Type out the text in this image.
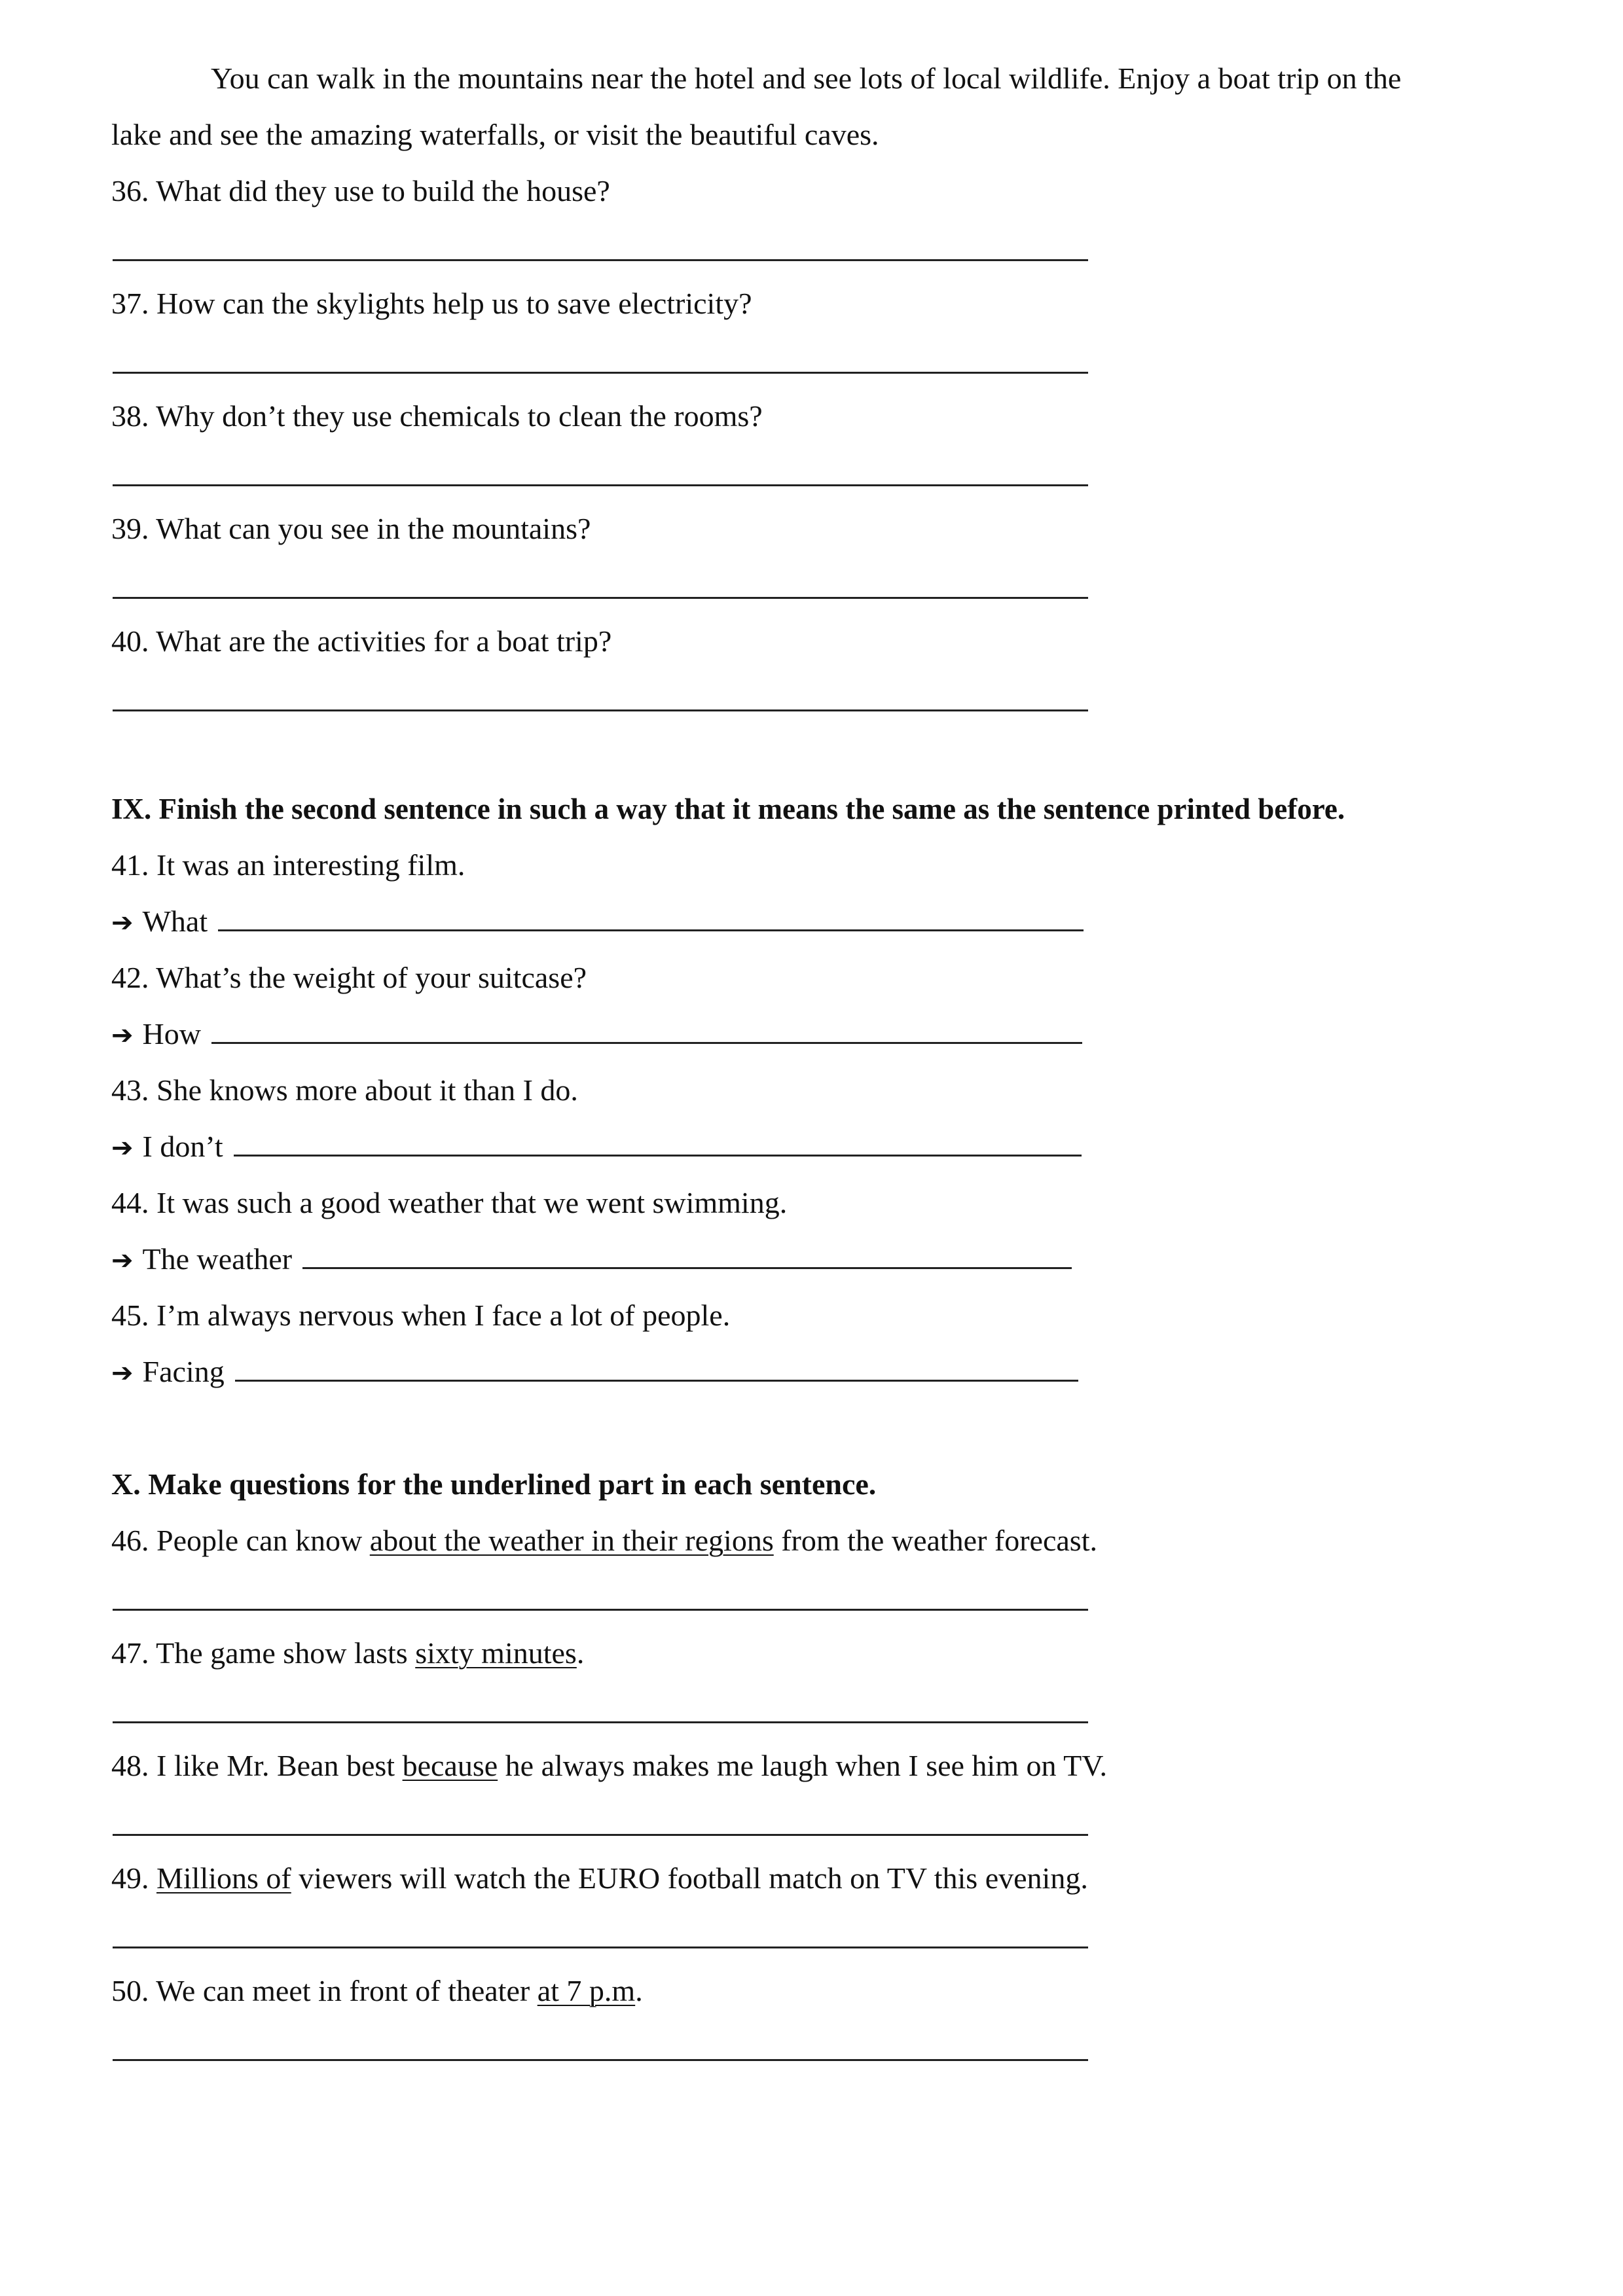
You can walk in the mountains near the hotel and see lots of local wildlife. Enjoy a boat trip on the
lake and see the amazing waterfalls, or visit the beautiful caves.
36. What did they use to build the house?
37. How can the skylights help us to save electricity?
38. Why don’t they use chemicals to clean the rooms?
39. What can you see in the mountains?
40. What are the activities for a boat trip?
IX. Finish the second sentence in such a way that it means the same as the sentence printed before.
41. It was an interesting film.
➔ What
42. What’s the weight of your suitcase?
➔ How
43. She knows more about it than I do.
➔ I don’t
44. It was such a good weather that we went swimming.
➔ The weather
45. I’m always nervous when I face a lot of people.
➔ Facing
X. Make questions for the underlined part in each sentence.
46. People can know about the weather in their regions from the weather forecast.
47. The game show lasts sixty minutes.
48. I like Mr. Bean best because he always makes me laugh when I see him on TV.
49. Millions of viewers will watch the EURO football match on TV this evening.
50. We can meet in front of theater at 7 p.m.
